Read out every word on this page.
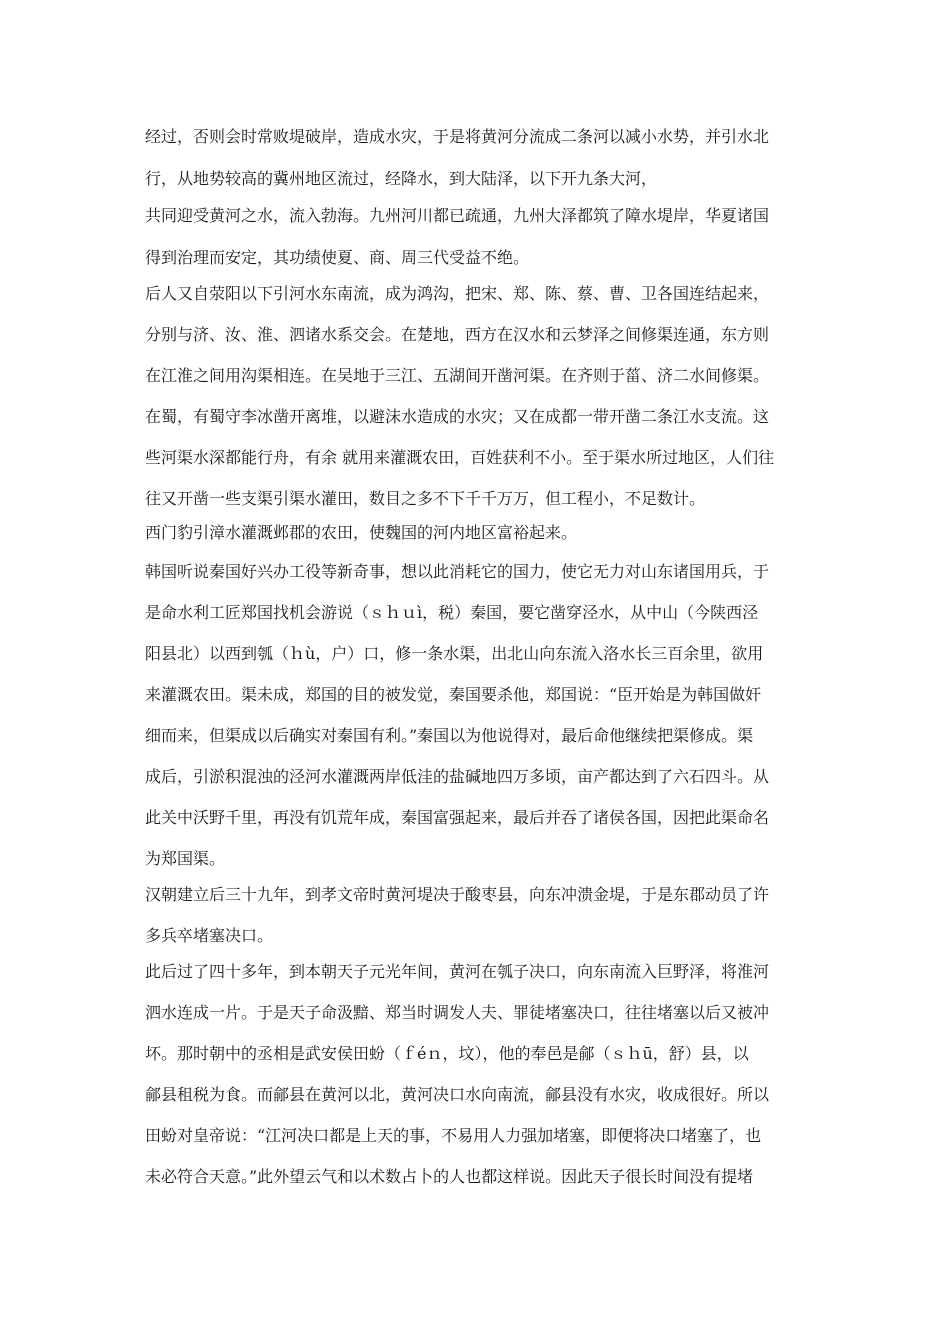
经过，否则会时常败堤破岸，造成水灾，于是将黄河分流成二条河以减小水势，并引水北
行，从地势较高的冀州地区流过，经降水，到大陆泽，以下开九条大河，
共同迎受黄河之水，流入勃海。九州河川都已疏通，九州大泽都筑了障水堤岸，华夏诸国
得到治理而安定，其功绩使夏、商、周三代受益不绝。
后人又自荥阳以下引河水东南流，成为鸿沟，把宋、郑、陈、蔡、曹、卫各国连结起来，
分别与济、汝、淮、泗诸水系交会。在楚地，西方在汉水和云梦泽之间修渠连通，东方则
在江淮之间用沟渠相连。在吴地于三江、五湖间开凿河渠。在齐则于菑、济二水间修渠。
在蜀，有蜀守李冰凿开离堆，以避沫水造成的水灾；又在成都一带开凿二条江水支流。这
些河渠水深都能行舟，有余 就用来灌溉农田，百姓获利不小。至于渠水所过地区，人们往
往又开凿一些支渠引渠水灌田，数目之多不下千千万万，但工程小，不足数计。
西门豹引漳水灌溉邺郡的农田，使魏国的河内地区富裕起来。
韩国听说秦国好兴办工役等新奇事，想以此消耗它的国力，使它无力对山东诸国用兵，于
是命水利工匠郑国找机会游说（ｓｈｕì，税）秦国，要它凿穿泾水，从中山（今陕西泾
阳县北）以西到瓠（ｈù，户）口，修一条水渠，出北山向东流入洛水长三百余里，欲用
来灌溉农田。渠未成，郑国的目的被发觉，秦国要杀他，郑国说：“臣开始是为韩国做奸
细而来，但渠成以后确实对秦国有利。”秦国以为他说得对，最后命他继续把渠修成。渠
成后，引淤积混浊的泾河水灌溉两岸低洼的盐碱地四万多顷，亩产都达到了六石四斗。从
此关中沃野千里，再没有饥荒年成，秦国富强起来，最后并吞了诸侯各国，因把此渠命名
为郑国渠。
汉朝建立后三十九年，到孝文帝时黄河堤决于酸枣县，向东冲溃金堤，于是东郡动员了许
多兵卒堵塞决口。
此后过了四十多年，到本朝天子元光年间，黄河在瓠子决口，向东南流入巨野泽，将淮河
泗水连成一片。于是天子命汲黯、郑当时调发人夫、罪徒堵塞决口，往往堵塞以后又被冲
坏。那时朝中的丞相是武安侯田蚡（ｆéｎ，坟），他的奉邑是鄃（ｓｈū，舒）县，以
鄃县租税为食。而鄃县在黄河以北，黄河决口水向南流，鄃县没有水灾，收成很好。所以
田蚡对皇帝说：“江河决口都是上天的事，不易用人力强加堵塞，即便将决口堵塞了，也
未必符合天意。”此外望云气和以术数占卜的人也都这样说。因此天子很长时间没有提堵
